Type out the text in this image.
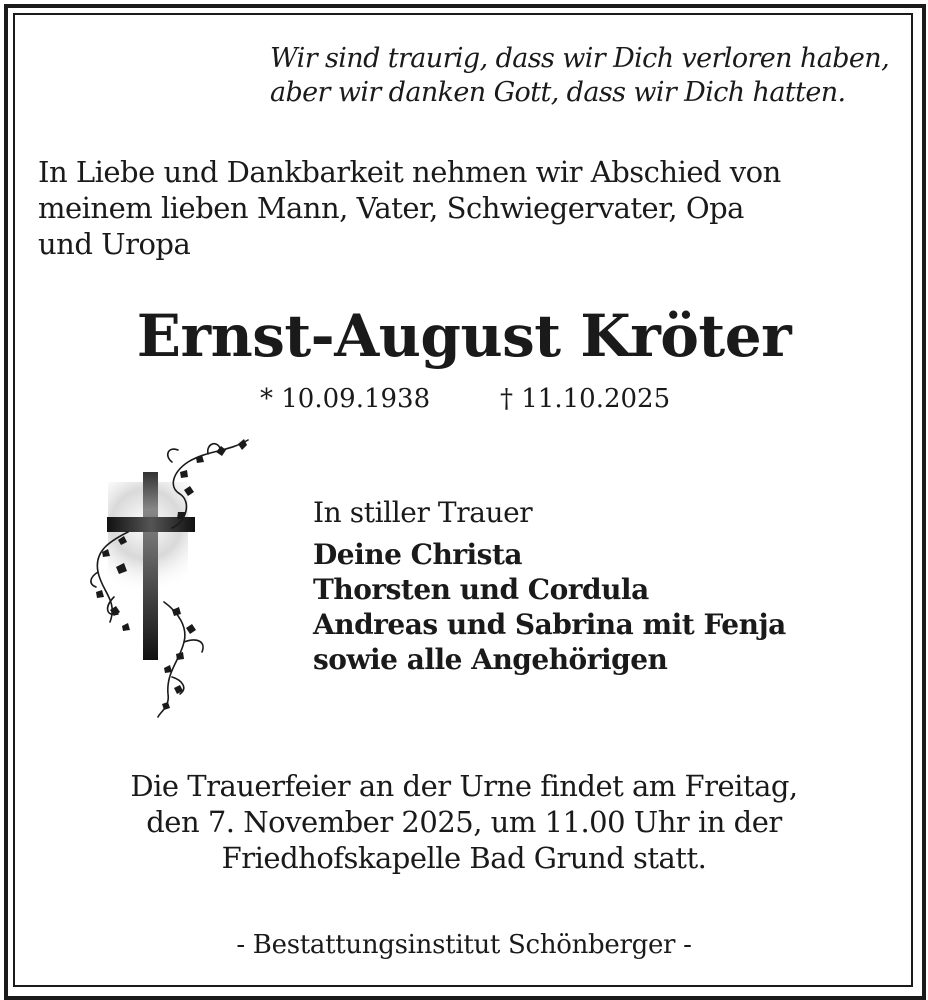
Wir sind traurig, dass wir Dich verloren haben,
aber wir danken Gott, dass wir Dich hatten.
In Liebe und Dankbarkeit nehmen wir Abschied von
meinem lieben Mann, Vater, Schwiegervater, Opa
und Uropa
Ernst-August Kröter
* 10.09.1938	† 11.10.2025
In stiller Trauer
Deine Christa
Thorsten und Cordula
Andreas und Sabrina mit Fenja
sowie alle Angehörigen
Die Trauerfeier an der Urne findet am Freitag,
den 7. November 2025, um 11.00 Uhr in der
Friedhofskapelle Bad Grund statt.
- Bestattungsinstitut Schönberger -
